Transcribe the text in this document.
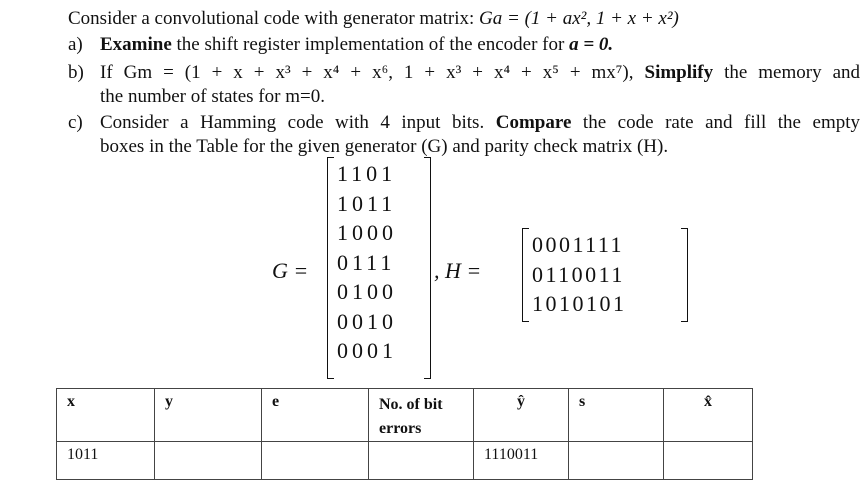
Consider a convolutional code with generator matrix: Ga = (1 + ax², 1 + x + x²)
a) Examine the shift register implementation of the encoder for a = 0.
b) If Gm = (1 + x + x³ + x⁴ + x⁶, 1 + x³ + x⁴ + x⁵ + mx⁷), Simplify the memory and
the number of states for m=0.
c) Consider a Hamming code with 4 input bits. Compare the code rate and fill the empty
boxes in the Table for the given generator (G) and parity check matrix (H).
G =
1101
1011
1000
0111
0100
0010
0001
, H =
0001111
0110011
1010101
x	y	e	No. of bit errors	ŷ	s	x̂

1011				1110011		
